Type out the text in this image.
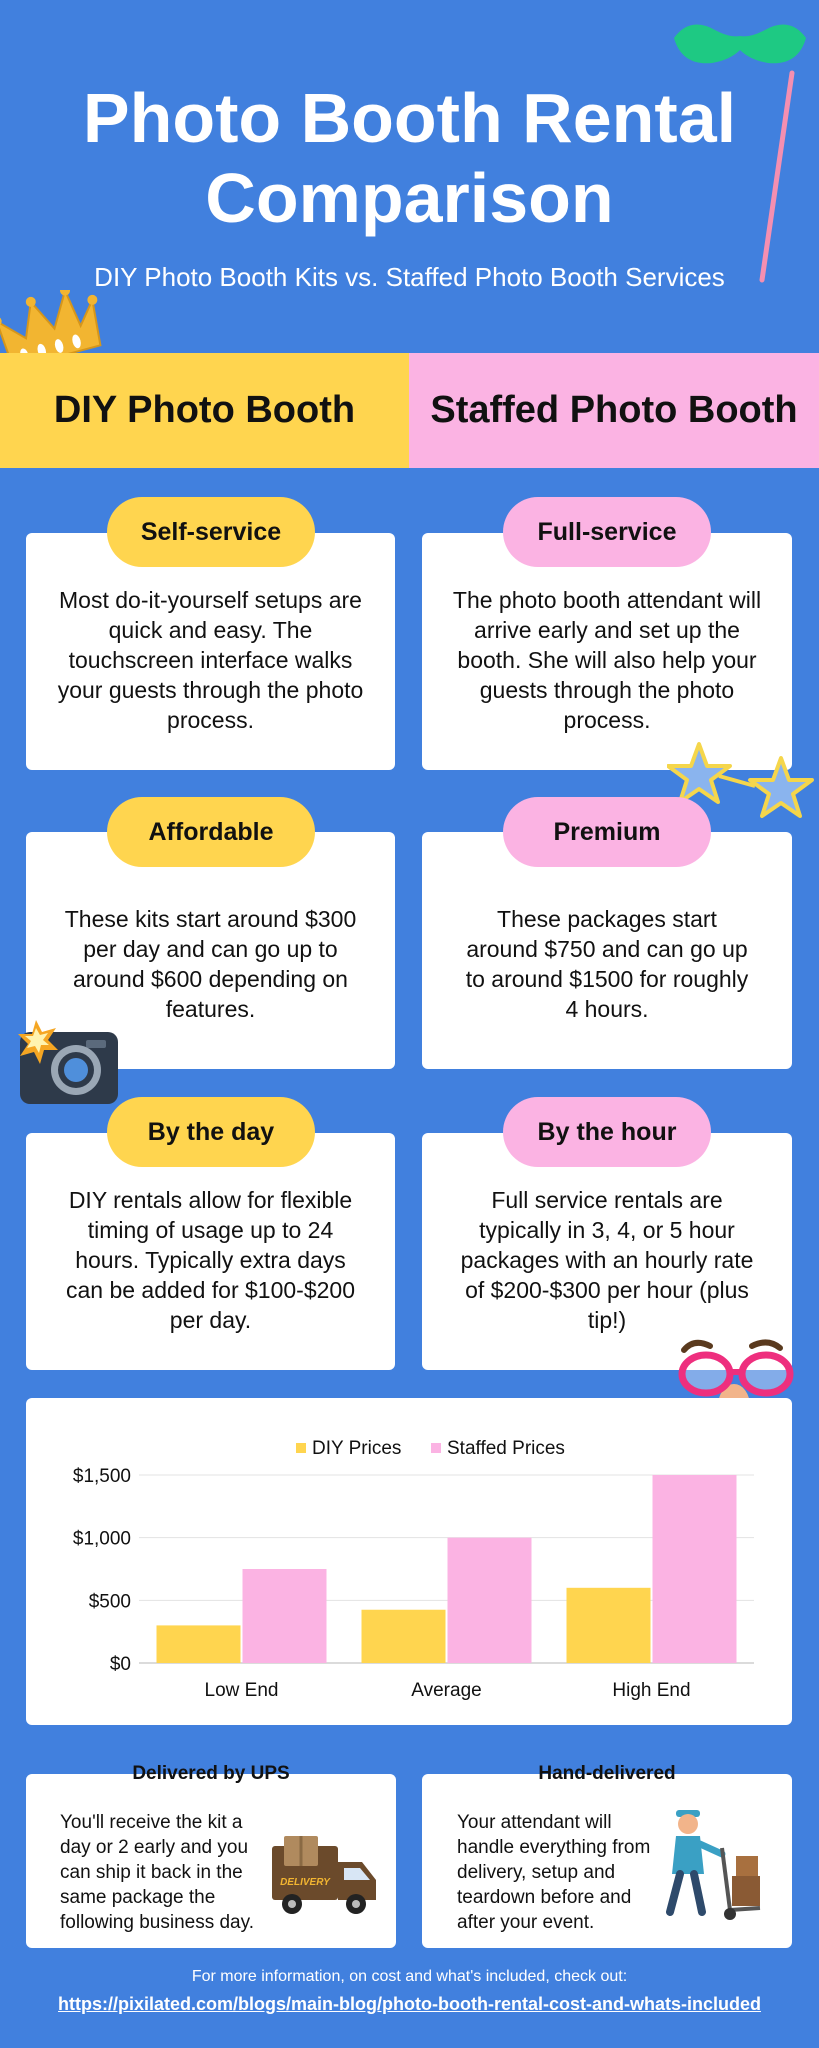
Photo Booth Rental
Comparison
DIY Photo Booth Kits vs. Staffed Photo Booth Services
DIY Photo Booth	Staffed Photo Booth
Most do-it-yourself setups are quick and easy. The touchscreen interface walks your guests through the photo process.
Self-service
The photo booth attendant will arrive early and set up the booth. She will also help your guests through the photo process.
Full-service
These kits start around $300 per day and can go up to around $600 depending on features.
Affordable
These packages start around $750 and can go up to around $1500 for roughly 4 hours.
Premium
DIY rentals allow for flexible timing of usage up to 24 hours. Typically extra days can be added for $100-$200 per day.
By the day
Full service rentals are typically in 3, 4, or 5 hour packages with an hourly rate of $200-$300 per hour (plus tip!)
By the hour
DIY Prices Staffed Prices
$0
$500
$1,000
$1,500
Low End	Average	High End
You'll receive the kit a day or 2 early and you can ship it back in the same package the following business day.
DELIVERY
Delivered by UPS
Your attendant will handle everything from delivery, setup and teardown before and after your event.
Hand-delivered
For more information, on cost and what's included, check out:
https://pixilated.com/blogs/main-blog/photo-booth-rental-cost-and-whats-included
